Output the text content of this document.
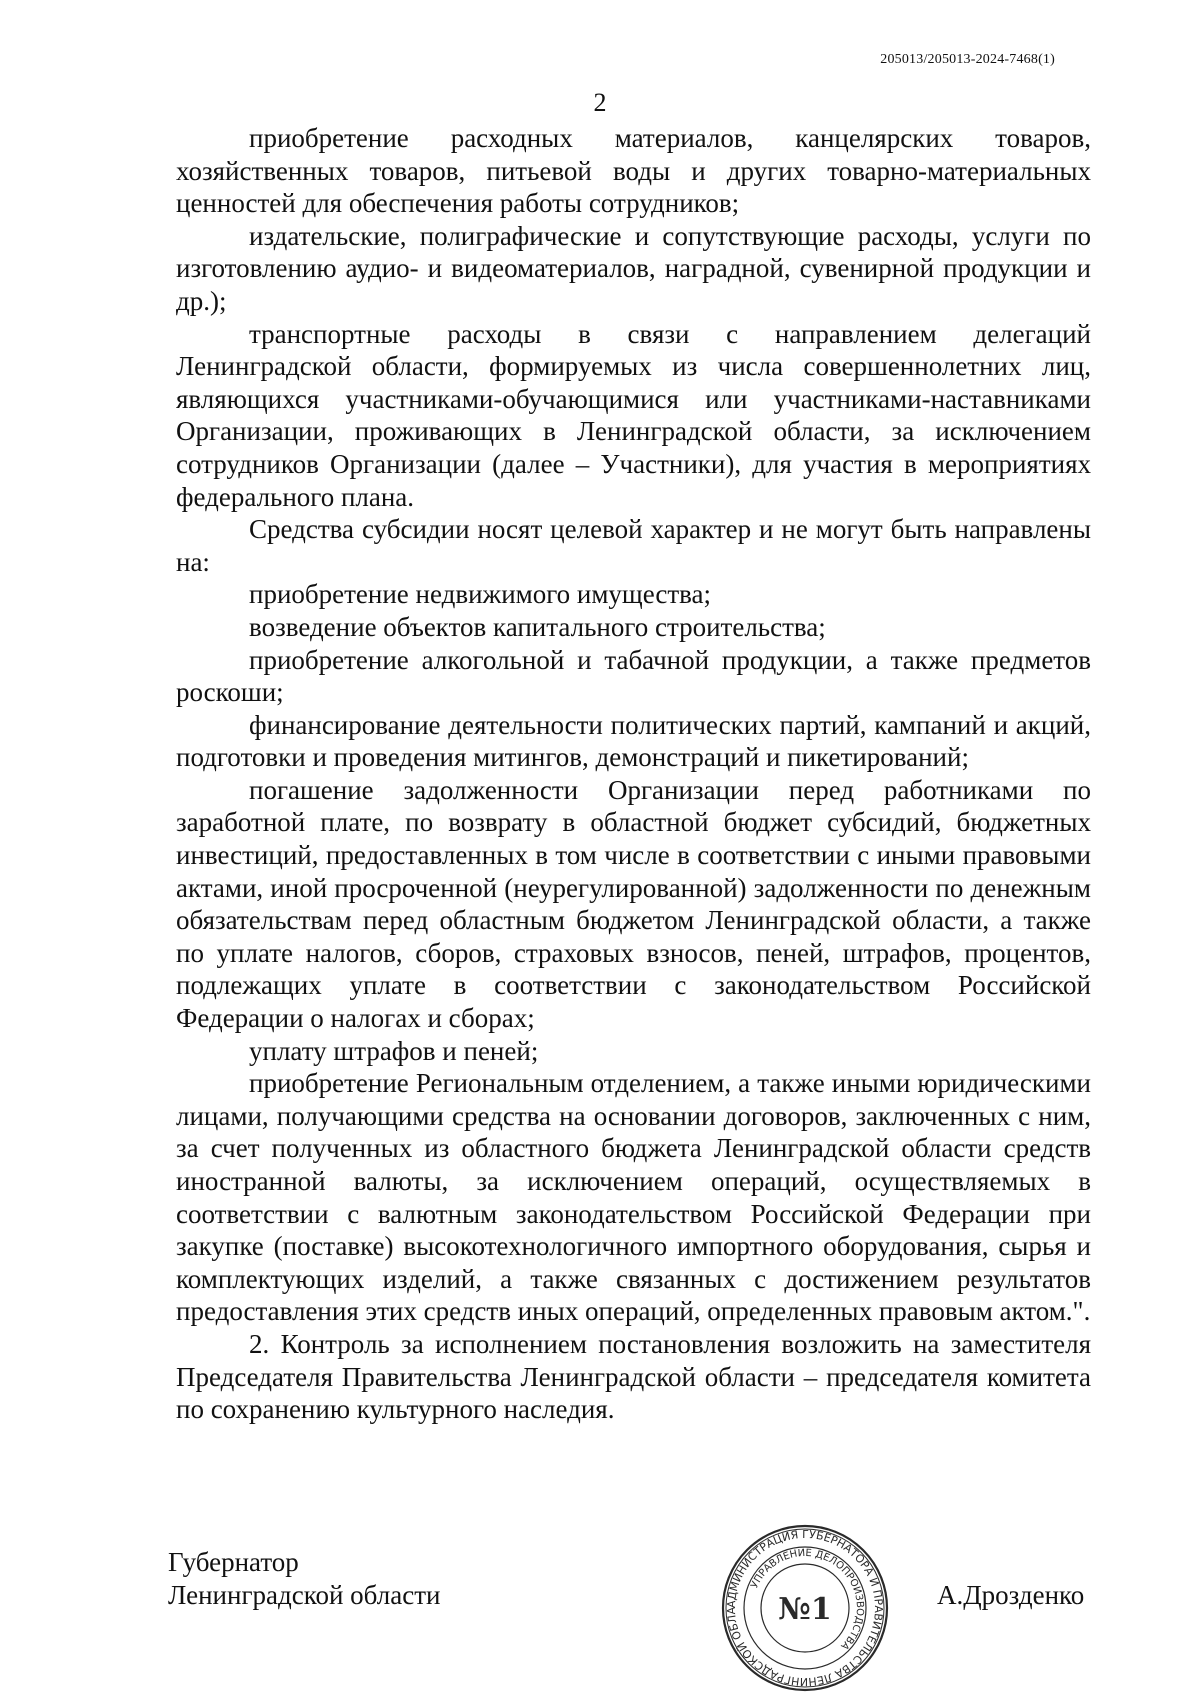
205013/205013-2024-7468(1)
2

приобретение расходных материалов, канцелярских товаров, хозяйственных товаров, питьевой воды и других товарно-материальных ценностей для обеспечения работы сотрудников;

издательские, полиграфические и сопутствующие расходы, услуги по изготовлению аудио- и видеоматериалов, наградной, сувенирной продукции и др.);

транспортные расходы в связи с направлением делегаций Ленинградской области, формируемых из числа совершеннолетних лиц, являющихся участниками-обучающимися или участниками-наставниками Организации, проживающих в Ленинградской области, за исключением сотрудников Организации (далее – Участники), для участия в мероприятиях федерального плана.

Средства субсидии носят целевой характер и не могут быть направлены на:

приобретение недвижимого имущества;

возведение объектов капитального строительства;

приобретение алкогольной и табачной продукции, а также предметов роскоши;

финансирование деятельности политических партий, кампаний и акций, подготовки и проведения митингов, демонстраций и пикетирований;

погашение задолженности Организации перед работниками по заработной плате, по возврату в областной бюджет субсидий, бюджетных инвестиций, предоставленных в том числе в соответствии с иными правовыми актами, иной просроченной (неурегулированной) задолженности по денежным обязательствам перед областным бюджетом Ленинградской области, а также по уплате налогов, сборов, страховых взносов, пеней, штрафов, процентов, подлежащих уплате в соответствии с законодательством Российской Федерации о налогах и сборах;

уплату штрафов и пеней;

приобретение Региональным отделением, а также иными юридическими лицами, получающими средства на основании договоров, заключенных с ним, за счет полученных из областного бюджета Ленинградской области средств иностранной валюты, за исключением операций, осуществляемых в соответствии с валютным законодательством Российской Федерации при закупке (поставке) высокотехнологичного импортного оборудования, сырья и комплектующих изделий, а также связанных с достижением результатов предоставления этих средств иных операций, определенных правовым актом.".

2. Контроль за исполнением постановления возложить на заместителя Председателя Правительства Ленинградской области – председателя комитета по сохранению культурного наследия.

Губернатор
Ленинградской области	АДМИНИСТРАЦИЯ ГУБЕРНАТОРА И ПРАВИТЕЛЬСТВА ЛЕНИНГРАДСКОЙ ОБЛА
УПРАВЛЕНИЕ ДЕЛОПРОИЗВОДСТВА
№1	А.Дрозденко
